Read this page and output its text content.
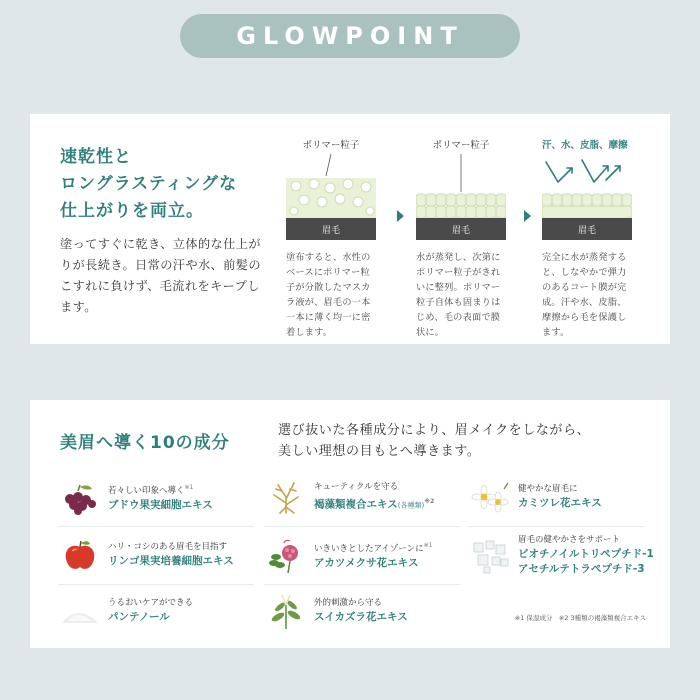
GLOWPOINT
速乾性と
ロングラスティングな
仕上がりを両立。
塗ってすぐに乾き、立体的な仕上がりが長続き。日常の汗や水、前髪のこすれに負けず、毛流れをキープします。
ポリマー粒子
眉毛
塗布すると、水性のベースにポリマー粒子が分散したマスカラ液が、眉毛の一本一本に薄く均一に密着します。
ポリマー粒子
眉毛
水が蒸発し、次第にポリマー粒子がきれいに整列。ポリマー粒子自体も固まりはじめ、毛の表面で膜状に。
汗、水、皮脂、摩擦
眉毛
完全に水が蒸発すると、しなやかで弾力のあるコート膜が完成。汗や水、皮脂、摩擦から毛を保護します。
美眉へ導く10の成分
選び抜いた各種成分により、眉メイクをしながら、
美しい理想の目もとへ導きます。
若々しい印象へ導く$^{※1}$
ブドウ果実細胞エキス
キューティクルを守る
褐藻類複合エキス(各種類)$^{※2}$
健やかな眉毛に
カミツレ花エキス
ハリ・コシのある眉毛を目指す
リンゴ果実培養細胞エキス
いきいきとしたアイゾーンに$^{※1}$
アカツメクサ花エキス
眉毛の健やかさをサポート
ビオチノイルトリペプチド-1
アセチルテトラペプチド-3
うるおいケアができる
パンテノール
外的刺激から守る
スイカズラ花エキス	※1 保湿成分　※2 3種類の褐藻類複合エキス
